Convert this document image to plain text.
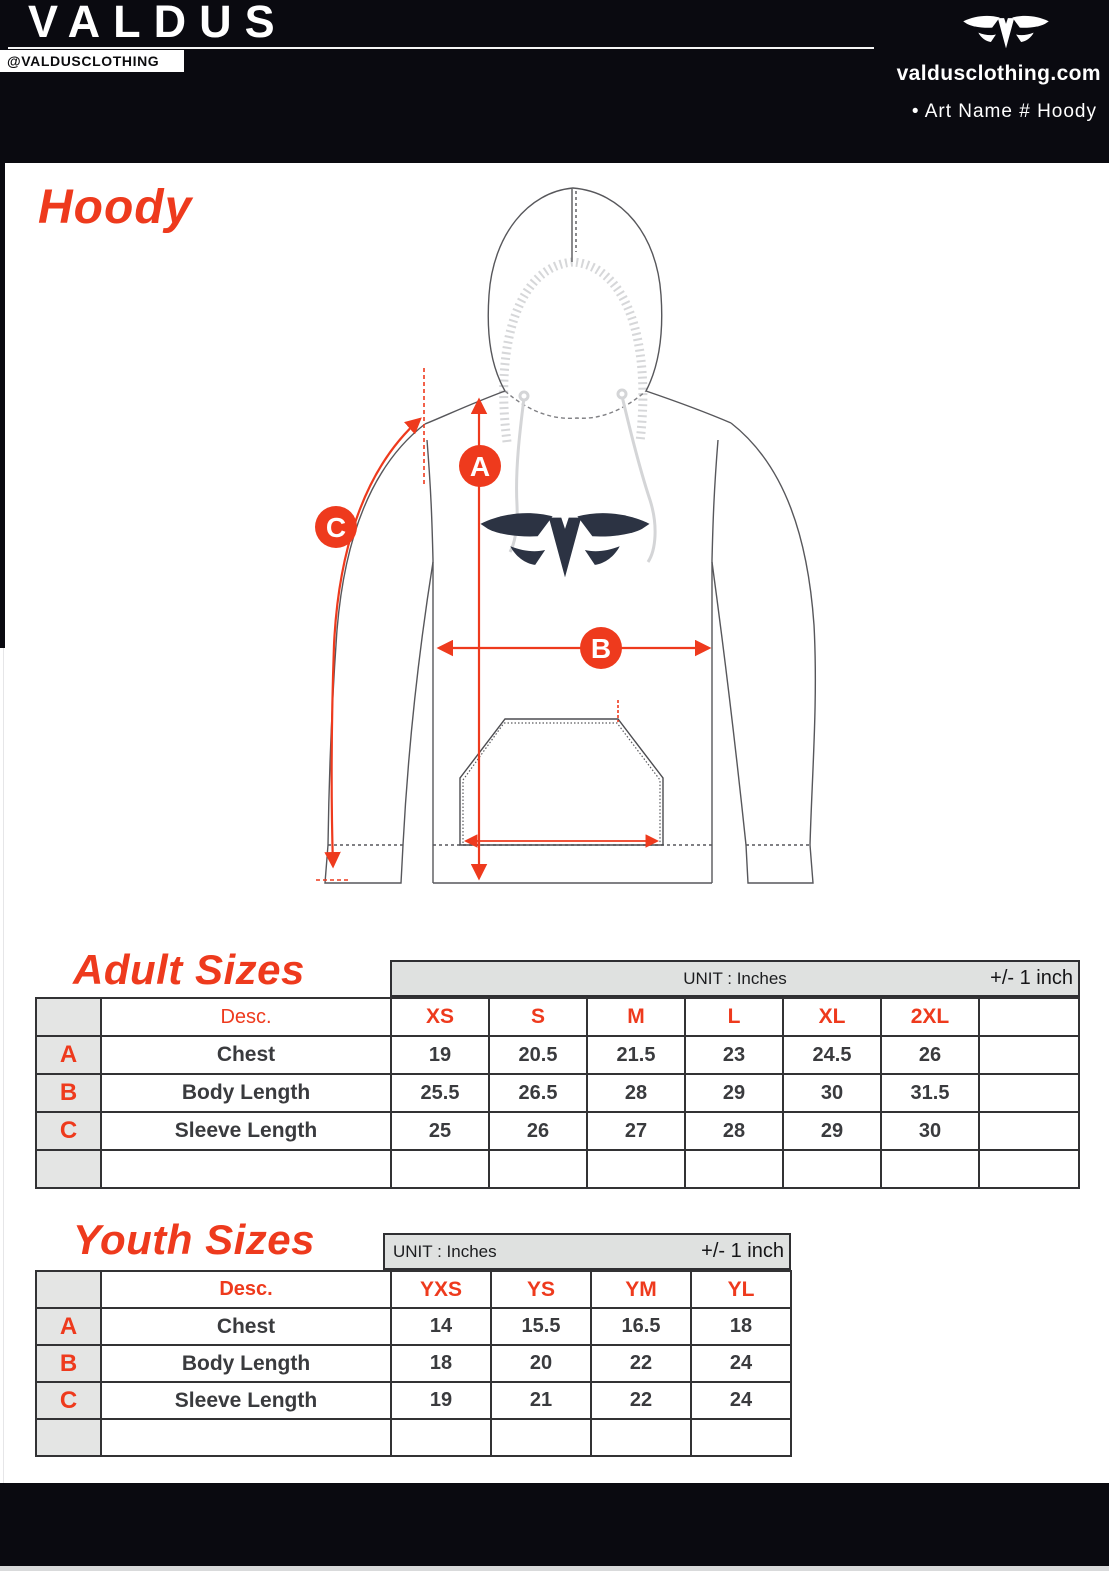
VALDUS
@VALDUSCLOTHING
valdusclothing.com
• Art Name # Hoody
Hoody
A
B
C
Adult Sizes	UNIT : Inches	+/- 1 inch
	Desc.	XS	S	M	L	XL	2XL	
A	Chest	19	20.5	21.5	23	24.5	26	
B	Body Length	25.5	26.5	28	29	30	31.5	
C	Sleeve Length	25	26	27	28	29	30	

Youth Sizes	UNIT : Inches	+/- 1 inch
	Desc.	YXS	YS	YM	YL
A	Chest	14	15.5	16.5	18
B	Body Length	18	20	22	24
C	Sleeve Length	19	21	22	24
